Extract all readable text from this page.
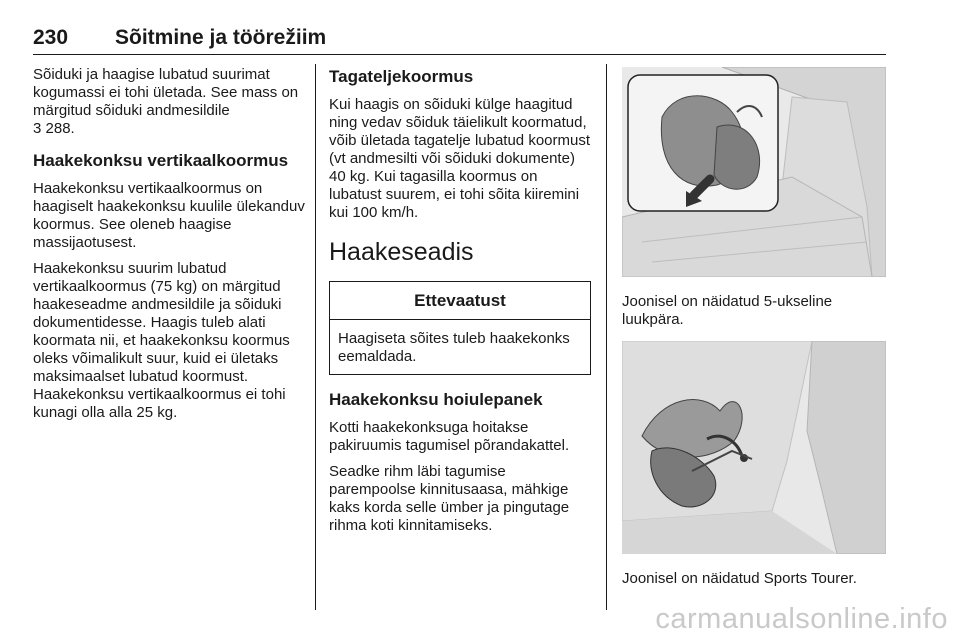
230 Sõitmine ja töörežiim

Sõiduki ja haagise lubatud suurimat kogumassi ei tohi ületada. See mass on märgitud sõiduki andmesildile
3 288.

Haakekonksu vertikaalkoormus

Haakekonksu vertikaalkoormus on haagiselt haakekonksu kuulile ülekanduv koormus. See oleneb haagise massijaotusest.

Haakekonksu suurim lubatud vertikaalkoormus (75 kg) on märgitud haakeseadme andmesildile ja sõiduki dokumentidesse. Haagis tuleb alati koormata nii, et haakekonksu koormus oleks võimalikult suur, kuid ei ületaks maksimaalset lubatud koormust. Haakekonksu vertikaalkoormus ei tohi kunagi olla alla 25 kg.

Tagateljekoormus

Kui haagis on sõiduki külge haagitud ning vedav sõiduk täielikult koormatud, võib ületada tagatelje lubatud koormust (vt andmesilti või sõiduki dokumente) 40 kg. Kui tagasilla koormus on lubatust suurem, ei tohi sõita kiiremini kui 100 km/h.

Haakeseadis
Ettevaatust
Haagiseta sõites tuleb haakekonks eemaldada.
Haakekonksu hoiulepanek

Kotti haakekonksuga hoitakse pakiruumis tagumisel põrandakattel.

Seadke rihm läbi tagumise parempoolse kinnitusaasa, mähkige kaks korda selle ümber ja pingutage rihma koti kinnitamiseks.

Joonisel on näidatud 5-ukseline luukpära.

Joonisel on näidatud Sports Tourer.

carmanualsonline.info
